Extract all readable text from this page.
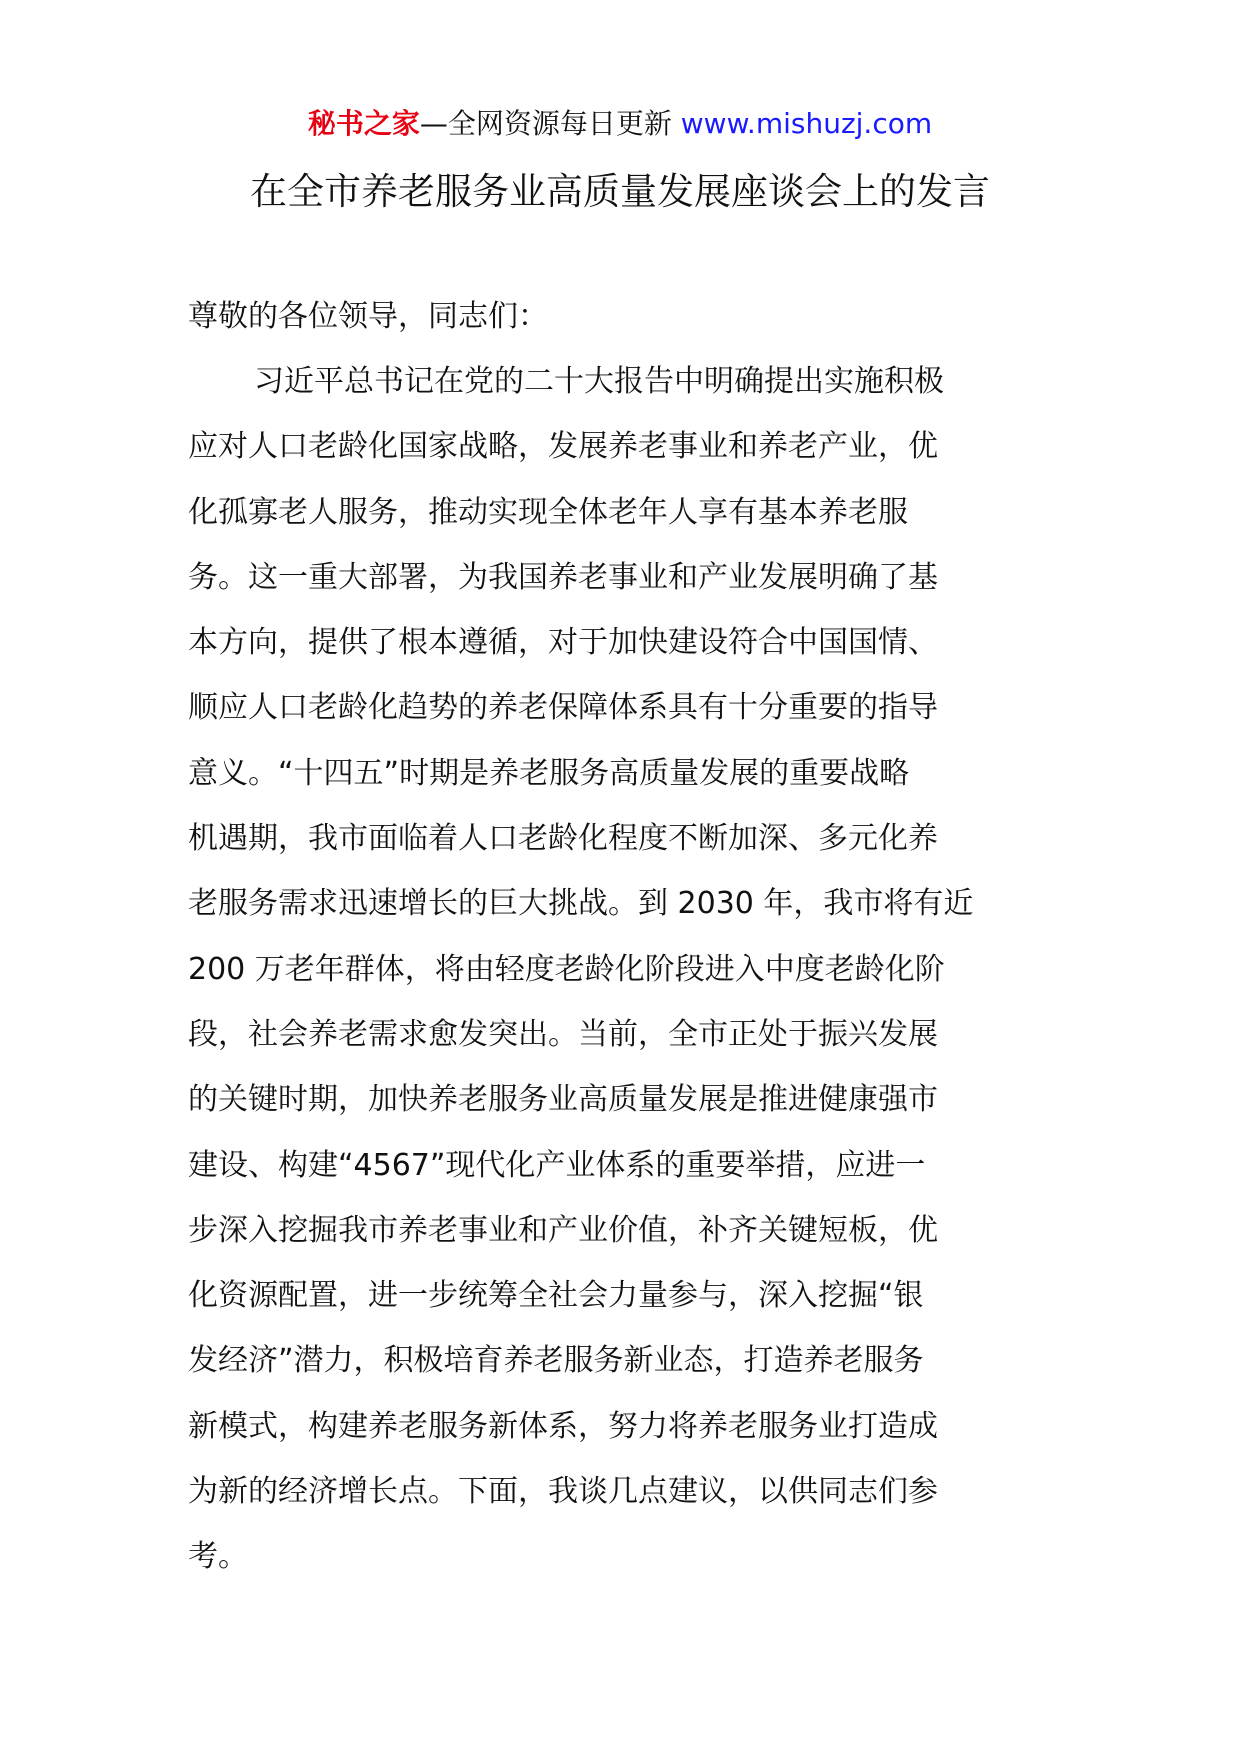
秘书之家—全网资源每日更新 www.mishuzj.com
在全市养老服务业高质量发展座谈会上的发言
尊敬的各位领导，同志们：
习近平总书记在党的二十大报告中明确提出实施积极
应对人口老龄化国家战略，发展养老事业和养老产业，优
化孤寡老人服务，推动实现全体老年人享有基本养老服
务。这一重大部署，为我国养老事业和产业发展明确了基
本方向，提供了根本遵循，对于加快建设符合中国国情、
顺应人口老龄化趋势的养老保障体系具有十分重要的指导
意义。“十四五”时期是养老服务高质量发展的重要战略
机遇期，我市面临着人口老龄化程度不断加深、多元化养
老服务需求迅速增长的巨大挑战。到 2030 年，我市将有近
200 万老年群体，将由轻度老龄化阶段进入中度老龄化阶
段，社会养老需求愈发突出。当前，全市正处于振兴发展
的关键时期，加快养老服务业高质量发展是推进健康强市
建设、构建“4567”现代化产业体系的重要举措，应进一
步深入挖掘我市养老事业和产业价值，补齐关键短板，优
化资源配置，进一步统筹全社会力量参与，深入挖掘“银
发经济”潜力，积极培育养老服务新业态，打造养老服务
新模式，构建养老服务新体系，努力将养老服务业打造成
为新的经济增长点。下面，我谈几点建议，以供同志们参
考。
